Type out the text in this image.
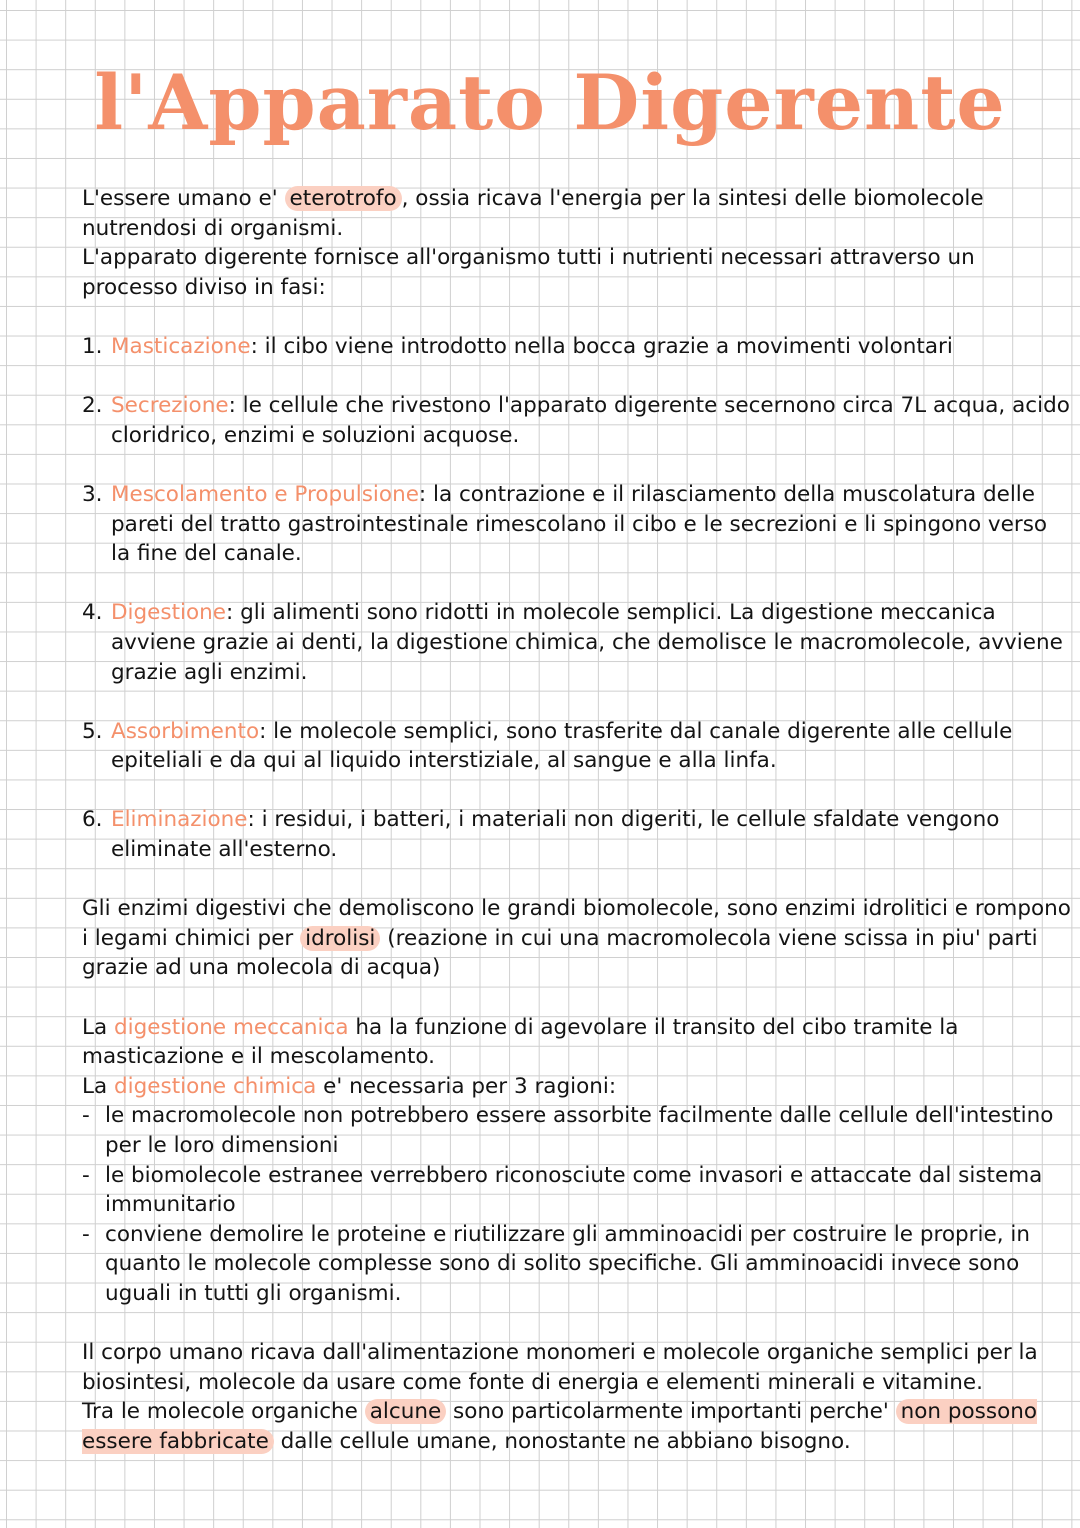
l'Apparato Digerente

L'essere umano e' eterotrofo , ossia ricava l'energia per la sintesi delle biomolecole nutrendosi di organismi.

L'apparato digerente fornisce all'organismo tutti i nutrienti necessari attraverso un processo diviso in fasi:

1. Masticazione: il cibo viene introdotto nella bocca grazie a movimenti volontari
2. Secrezione: le cellule che rivestono l'apparato digerente secernono circa 7L acqua, acido cloridrico, enzimi e soluzioni acquose.
3. Mescolamento e Propulsione: la contrazione e il rilasciamento della muscolatura delle pareti del tratto gastrointestinale rimescolano il cibo e le secrezioni e li spingono verso la fine del canale.
4. Digestione: gli alimenti sono ridotti in molecole semplici. La digestione meccanica avviene grazie ai denti, la digestione chimica, che demolisce le macromolecole, avviene grazie agli enzimi.
5. Assorbimento: le molecole semplici, sono trasferite dal canale digerente alle cellule epiteliali e da qui al liquido interstiziale, al sangue e alla linfa.
6. Eliminazione: i residui, i batteri, i materiali non digeriti, le cellule sfaldate vengono eliminate all'esterno.

Gli enzimi digestivi che demoliscono le grandi biomolecole, sono enzimi idrolitici e rompono i legami chimici per idrolisi (reazione in cui una macromolecola viene scissa in piu' parti grazie ad una molecola di acqua)

La digestione meccanica ha la funzione di agevolare il transito del cibo tramite la masticazione e il mescolamento.

La digestione chimica e' necessaria per 3 ragioni:

- le macromolecole non potrebbero essere assorbite facilmente dalle cellule dell'intestino per le loro dimensioni
- le biomolecole estranee verrebbero riconosciute come invasori e attaccate dal sistema immunitario
- conviene demolire le proteine e riutilizzare gli amminoacidi per costruire le proprie, in quanto le molecole complesse sono di solito specifiche. Gli amminoacidi invece sono uguali in tutti gli organismi.

Il corpo umano ricava dall'alimentazione monomeri e molecole organiche semplici per la biosintesi, molecole da usare come fonte di energia e elementi minerali e vitamine.

Tra le molecole organiche alcune sono particolarmente importanti perche' non possono essere fabbricate dalle cellule umane, nonostante ne abbiano bisogno.
